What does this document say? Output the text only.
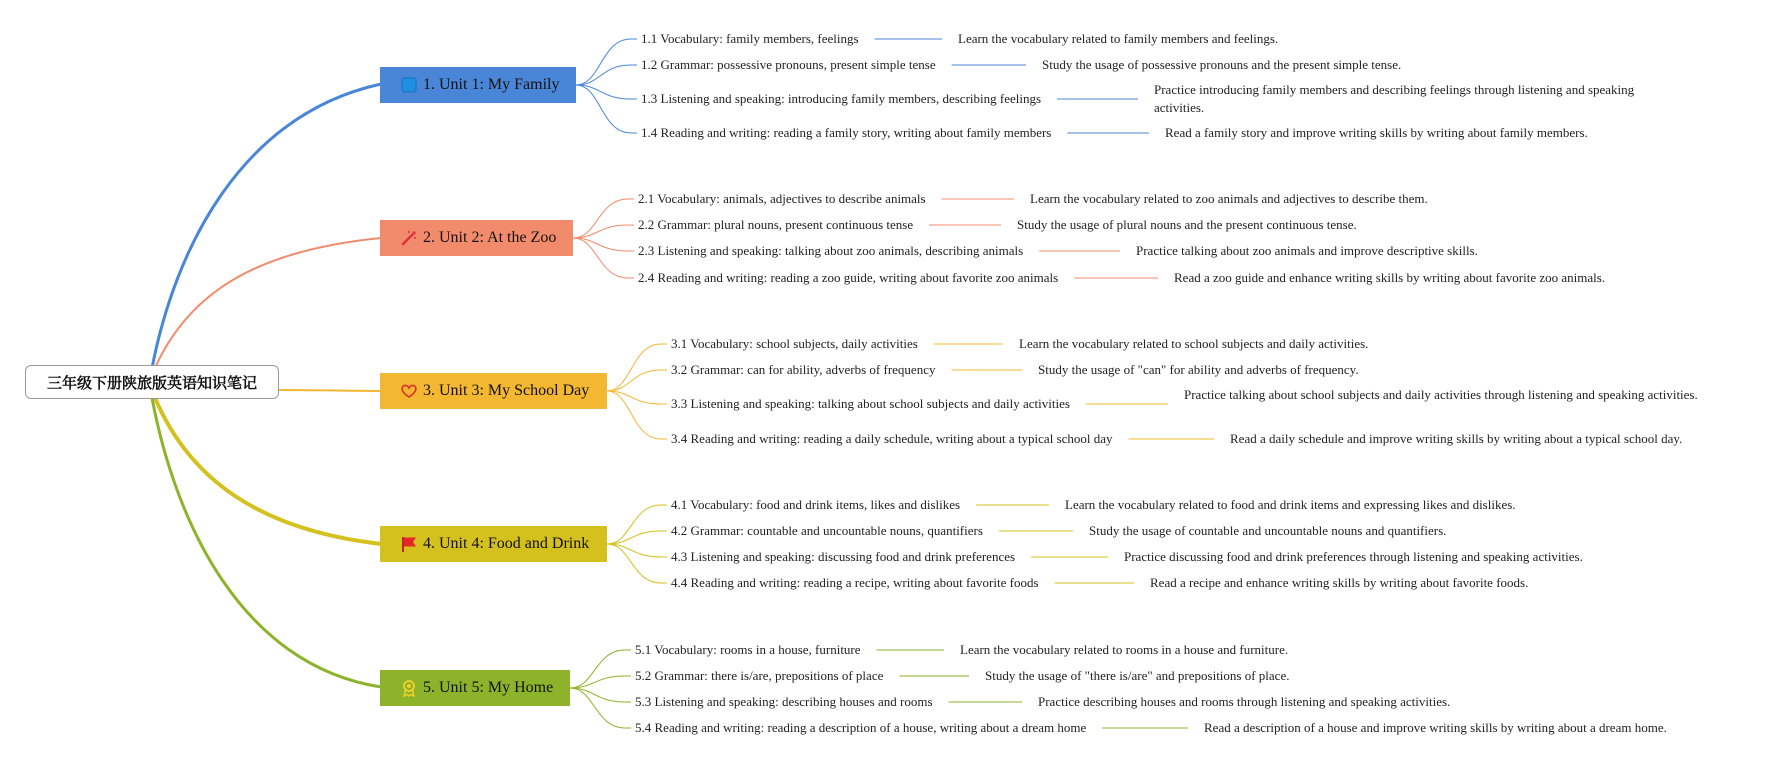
三年级下册陕旅版英语知识笔记
1. Unit 1: My Family
2. Unit 2: At the Zoo
3. Unit 3: My School Day
4. Unit 4: Food and Drink
5. Unit 5: My Home
1.1 Vocabulary: family members, feelings	Learn the vocabulary related to family members and feelings.
1.2 Grammar: possessive pronouns, present simple tense	Study the usage of possessive pronouns and the present simple tense.
1.3 Listening and speaking: introducing family members, describing feelings
Practice introducing family members and describing feelings through listening and speaking activities.
1.4 Reading and writing: reading a family story, writing about family members	Read a family story and improve writing skills by writing about family members.
2.1 Vocabulary: animals, adjectives to describe animals	Learn the vocabulary related to zoo animals and adjectives to describe them.
2.2 Grammar: plural nouns, present continuous tense	Study the usage of plural nouns and the present continuous tense.
2.3 Listening and speaking: talking about zoo animals, describing animals	Practice talking about zoo animals and improve descriptive skills.
2.4 Reading and writing: reading a zoo guide, writing about favorite zoo animals	Read a zoo guide and enhance writing skills by writing about favorite zoo animals.
3.1 Vocabulary: school subjects, daily activities	Learn the vocabulary related to school subjects and daily activities.
3.2 Grammar: can for ability, adverbs of frequency	Study the usage of "can" for ability and adverbs of frequency.
3.3 Listening and speaking: talking about school subjects and daily activities
Practice talking about school subjects and daily activities through listening and speaking activities.
3.4 Reading and writing: reading a daily schedule, writing about a typical school day	Read a daily schedule and improve writing skills by writing about a typical school day.
4.1 Vocabulary: food and drink items, likes and dislikes	Learn the vocabulary related to food and drink items and expressing likes and dislikes.
4.2 Grammar: countable and uncountable nouns, quantifiers	Study the usage of countable and uncountable nouns and quantifiers.
4.3 Listening and speaking: discussing food and drink preferences	Practice discussing food and drink preferences through listening and speaking activities.
4.4 Reading and writing: reading a recipe, writing about favorite foods	Read a recipe and enhance writing skills by writing about favorite foods.
5.1 Vocabulary: rooms in a house, furniture	Learn the vocabulary related to rooms in a house and furniture.
5.2 Grammar: there is/are, prepositions of place	Study the usage of "there is/are" and prepositions of place.
5.3 Listening and speaking: describing houses and rooms	Practice describing houses and rooms through listening and speaking activities.
5.4 Reading and writing: reading a description of a house, writing about a dream home	Read a description of a house and improve writing skills by writing about a dream home.
